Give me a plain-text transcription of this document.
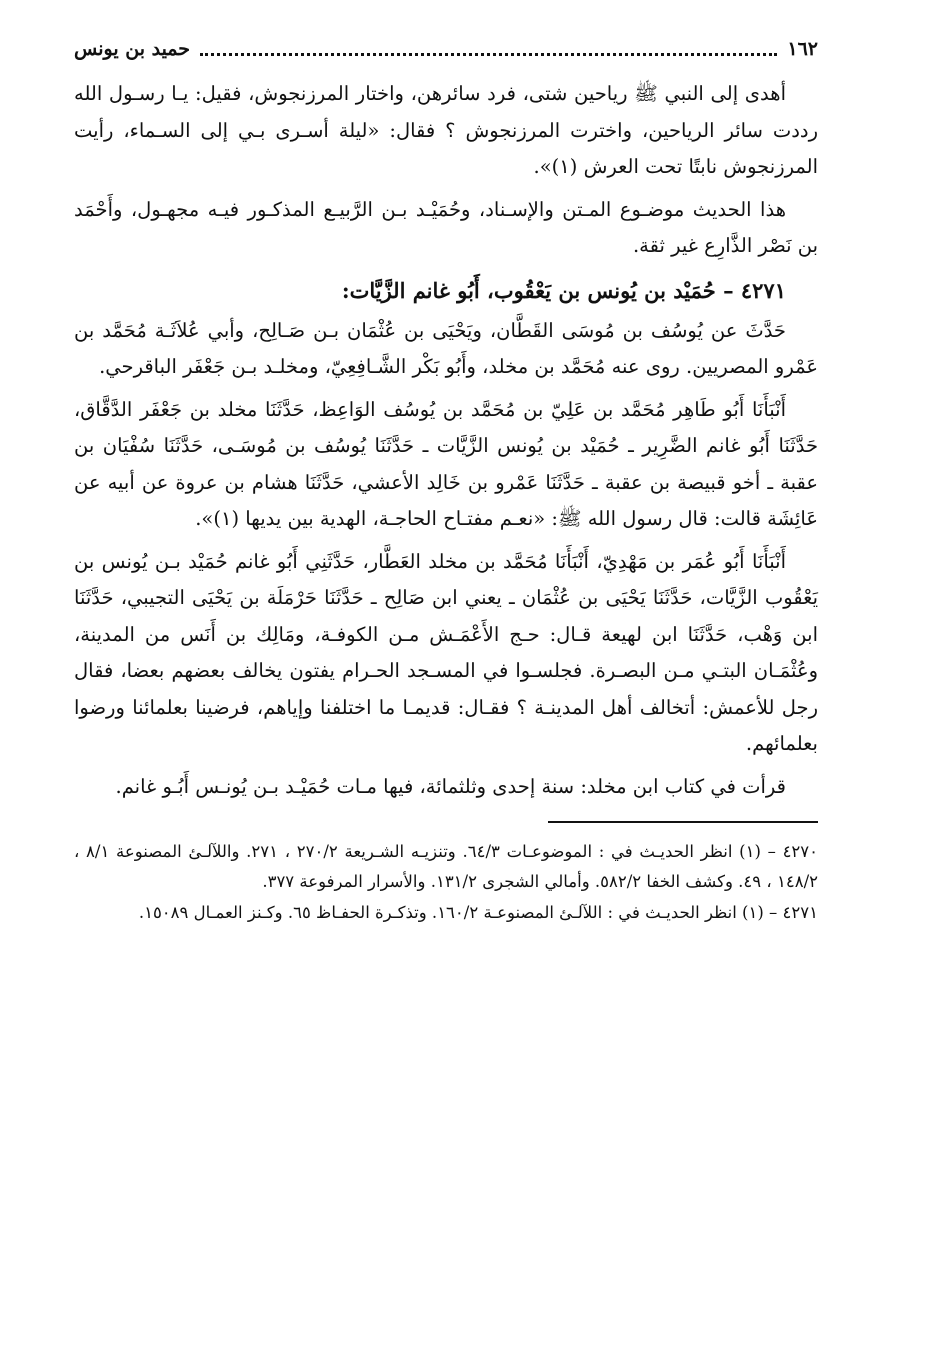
١٦٢
حميد بن يونس

أهدى إلى النبي ﷺ رياحين شتى، فرد سائرهن، واختار المرزنجوش، فقيل: يـا رسـول الله رددت سائر الرياحين، واخترت المرزنجوش ؟ فقال: «ليلة أسـرى بـي إلى السـماء، رأيت المرزنجوش نابتًا تحت العرش (١)».

هذا الحديث موضـوع المـتن والإسـناد، وحُمَيْـد بـن الرَّبيـع المذكـور فيـه مجهـول، وأَحْمَد بن نَصْر الذَّارِع غير ثقة.

٤٢٧١ – حُمَيْد بن يُونس بن يَعْقُوب، أَبُو غانم الزَّيَّات:

حَدَّثَ عن يُوسُف بن مُوسَى القَطَّان، ويَحْيَى بن عُثْمَان بـن صَـالِح، وأبي عُلاَثَـة مُحَمَّد بن عَمْرو المصريين. روى عنه مُحَمَّد بن مخلد، وأَبُو بَكْر الشَّـافِعِيّ، ومخلـد بـن جَعْفَر الباقرحي.

أَنْبَأَنَا أَبُو طَاهِر مُحَمَّد بن عَلِيّ بن مُحَمَّد بن يُوسُف الوَاعِظ، حَدَّثَنَا مخلد بن جَعْفَر الدَّقَّاق، حَدَّثَنَا أَبُو غانم الضَّرِير ـ حُمَيْد بن يُونس الزَّيَّات ـ حَدَّثَنَا يُوسُف بن مُوسَـى، حَدَّثَنَا سُفْيَان بن عقبة ـ أخو قبيصة بن عقبة ـ حَدَّثَنَا عَمْرو بن خَالِد الأعشي، حَدَّثَنَا هشام بن عروة عن أبيه عن عَائِشَة قالت: قال رسول الله ﷺ: «نعـم مفتـاح الحاجـة، الهدية بين يديها (١)».

أَنْبَأَنَا أَبُو عُمَر بن مَهْدِيّ، أَنْبَأَنَا مُحَمَّد بن مخلد العَطَّار، حَدَّثَنِي أَبُو غانم حُمَيْد بـن يُونس بن يَعْقُوب الزَّيَّات، حَدَّثَنَا يَحْيَى بن عُثْمَان ـ يعني ابن صَالِح ـ حَدَّثَنَا حَرْمَلَة بن يَحْيَى التجيبي، حَدَّثَنَا ابن وَهْب، حَدَّثَنَا ابن لهيعة قـال: حـج الأَعْمَـش مـن الكوفـة، ومَالِك بن أَنَس من المدينة، وعُثْمَـان البتـي مـن البصـرة. فجلسـوا في المسـجد الحـرام يفتون يخالف بعضهم بعضا، فقال رجل للأعمش: أتخالف أهل المدينـة ؟ فقـال: قديمـا ما اختلفنا وإياهم، فرضينا بعلمائنا ورضوا بعلمائهم.

قرأت في كتاب ابن مخلد: سنة إحدى وثلثمائة، فيها مـات حُمَيْـد بـن يُونـس أَبُـو غانم.

٤٢٧٠ – (١) انظر الحديـث في : الموضوعـات ٦٤/٣. وتنزيـه الشـريعة ٢٧٠/٢ ، ٢٧١. واللآلـئ المصنوعة ٨/١ ، ١٤٨/٢ ، ٤٩. وكشف الخفا ٥٨٢/٢. وأمالي الشجرى ١٣١/٢. والأسرار المرفوعة ٣٧٧.
٤٢٧١ – (١) انظر الحديـث في : اللآلـئ المصنوعـة ١٦٠/٢. وتذكـرة الحفـاظ ٦٥. وكـنز العمـال ١٥٠٨٩.
